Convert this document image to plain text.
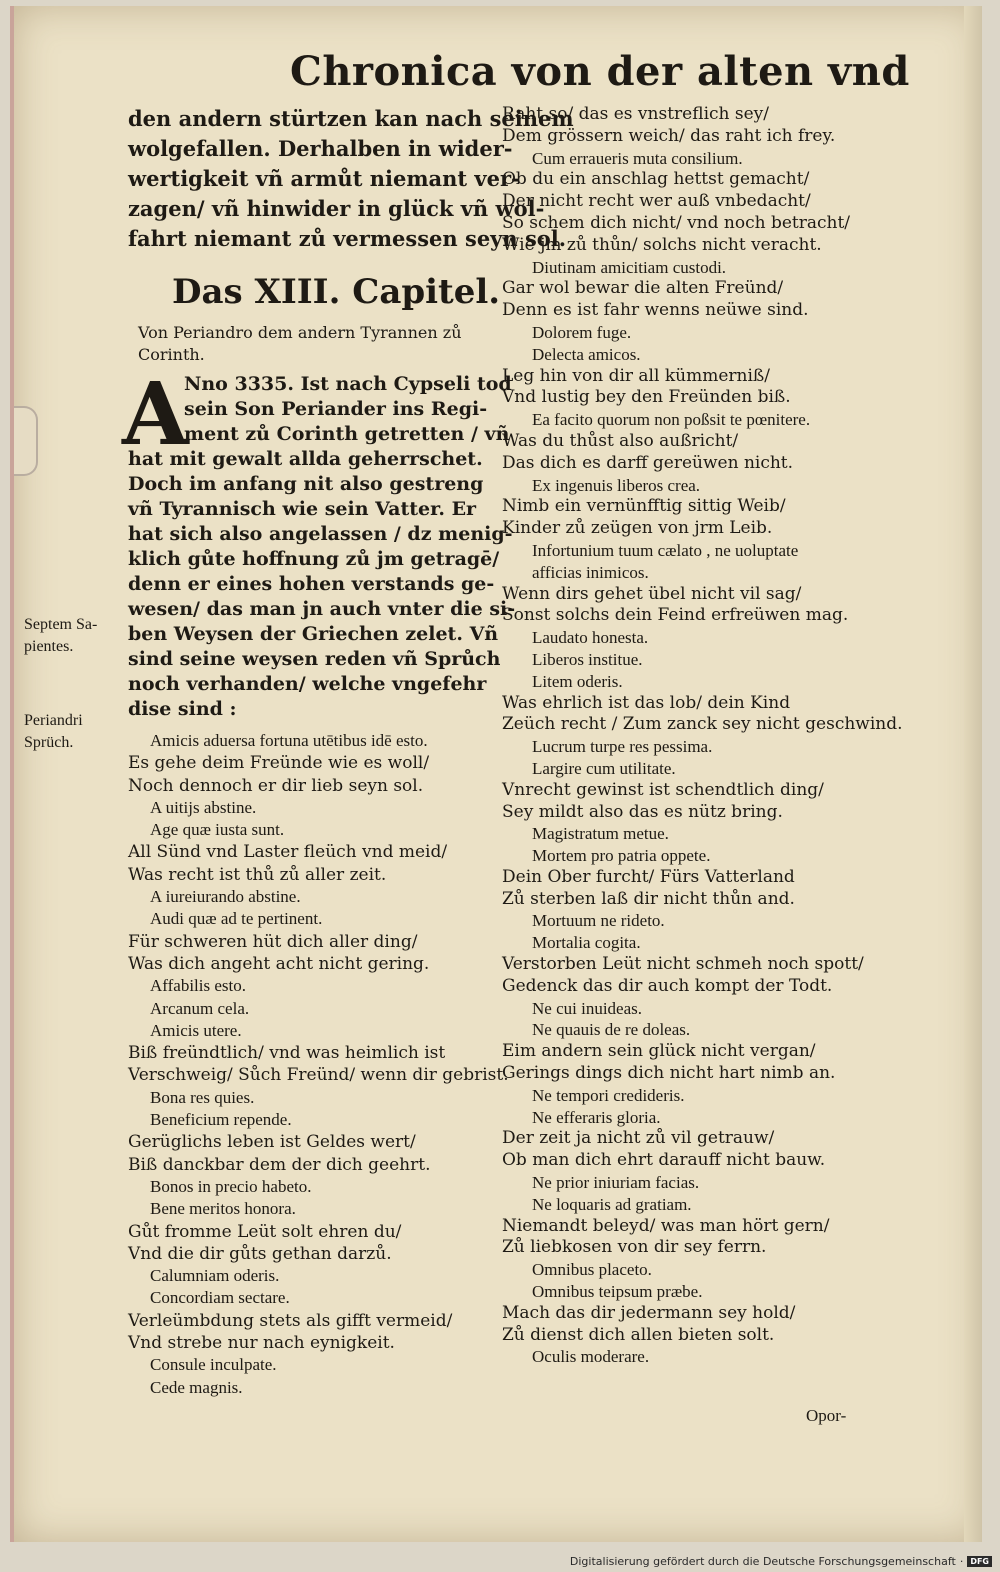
Chronica von der alten vnd
den andern stürtzen kan nach seinem
wolgefallen. Derhalben in wider-
wertigkeit vñ armůt niemant ver-
zagen/ vñ hinwider in glück vñ wol-
fahrt niemant zů vermessen seyn sol.
Das XIII. Capitel.
Von Periandro dem andern Tyrannen zů
Corinth.
A
Nno 3335. Ist nach Cypseli tod
sein Son Periander ins Regi-
ment zů Corinth getretten / vñ
hat mit gewalt allda geherrschet.
Doch im anfang nit also gestreng
vñ Tyrannisch wie sein Vatter. Er
hat sich also angelassen / dz menig-
klich gůte hoffnung zů jm getragē/
denn er eines hohen verstands ge-
wesen/ das man jn auch vnter die si-
ben Weysen der Griechen zelet. Vñ
sind seine weysen reden vñ Sprůch
noch verhanden/ welche vngefehr
dise sind :
Amicis aduersa fortuna utētibus idē esto.
Es gehe deim Freünde wie es woll/
Noch dennoch er dir lieb seyn sol.
A uitijs abstine.
Age quæ iusta sunt.
All Sünd vnd Laster fleüch vnd meid/
Was recht ist thů zů aller zeit.
A iureiurando abstine.
Audi quæ ad te pertinent.
Für schweren hüt dich aller ding/
Was dich angeht acht nicht gering.
Affabilis esto.
Arcanum cela.
Amicis utere.
Biß freündtlich/ vnd was heimlich ist
Verschweig/ Sůch Freünd/ wenn dir gebrist.
Bona res quies.
Beneficium repende.
Gerüglichs leben ist Geldes wert/
Biß danckbar dem der dich geehrt.
Bonos in precio habeto.
Bene meritos honora.
Gůt fromme Leüt solt ehren du/
Vnd die dir gůts gethan darzů.
Calumniam oderis.
Concordiam sectare.
Verleümbdung stets als gifft vermeid/
Vnd strebe nur nach eynigkeit.
Consule inculpate.
Cede magnis.
Raht so/ das es vnstreflich sey/
Dem grössern weich/ das raht ich frey.
Cum erraueris muta consilium.
Ob du ein anschlag hettst gemacht/
Der nicht recht wer auß vnbedacht/
So schem dich nicht/ vnd noch betracht/
Wie jm zů thůn/ solchs nicht veracht.
Diutinam amicitiam custodi.
Gar wol bewar die alten Freünd/
Denn es ist fahr wenns neüwe sind.
Dolorem fuge.
Delecta amicos.
Leg hin von dir all kümmerniß/
Vnd lustig bey den Freünden biß.
Ea facito quorum non poßsit te pœnitere.
Was du thůst also außricht/
Das dich es darff gereüwen nicht.
Ex ingenuis liberos crea.
Nimb ein vernünfftig sittig Weib/
Kinder zů zeügen von jrm Leib.
Infortunium tuum cælato , ne uoluptate
afficias inimicos.
Wenn dirs gehet übel nicht vil sag/
Sonst solchs dein Feind erfreüwen mag.
Laudato honesta.
Liberos institue.
Litem oderis.
Was ehrlich ist das lob/ dein Kind
Zeüch recht / Zum zanck sey nicht geschwind.
Lucrum turpe res pessima.
Largire cum utilitate.
Vnrecht gewinst ist schendtlich ding/
Sey mildt also das es nütz bring.
Magistratum metue.
Mortem pro patria oppete.
Dein Ober furcht/ Fürs Vatterland
Zů sterben laß dir nicht thůn and.
Mortuum ne rideto.
Mortalia cogita.
Verstorben Leüt nicht schmeh noch spott/
Gedenck das dir auch kompt der Todt.
Ne cui inuideas.
Ne quauis de re doleas.
Eim andern sein glück nicht vergan/
Gerings dings dich nicht hart nimb an.
Ne tempori credideris.
Ne efferaris gloria.
Der zeit ja nicht zů vil getrauw/
Ob man dich ehrt darauff nicht bauw.
Ne prior iniuriam facias.
Ne loquaris ad gratiam.
Niemandt beleyd/ was man hört gern/
Zů liebkosen von dir sey ferrn.
Omnibus placeto.
Omnibus teipsum præbe.
Mach das dir jedermann sey hold/
Zů dienst dich allen bieten solt.
Oculis moderare.
Septem Sa-
pientes.
Periandri
Sprüch.
Opor-
Digitalisierung gefördert durch die Deutsche Forschungsgemeinschaft · DFG
